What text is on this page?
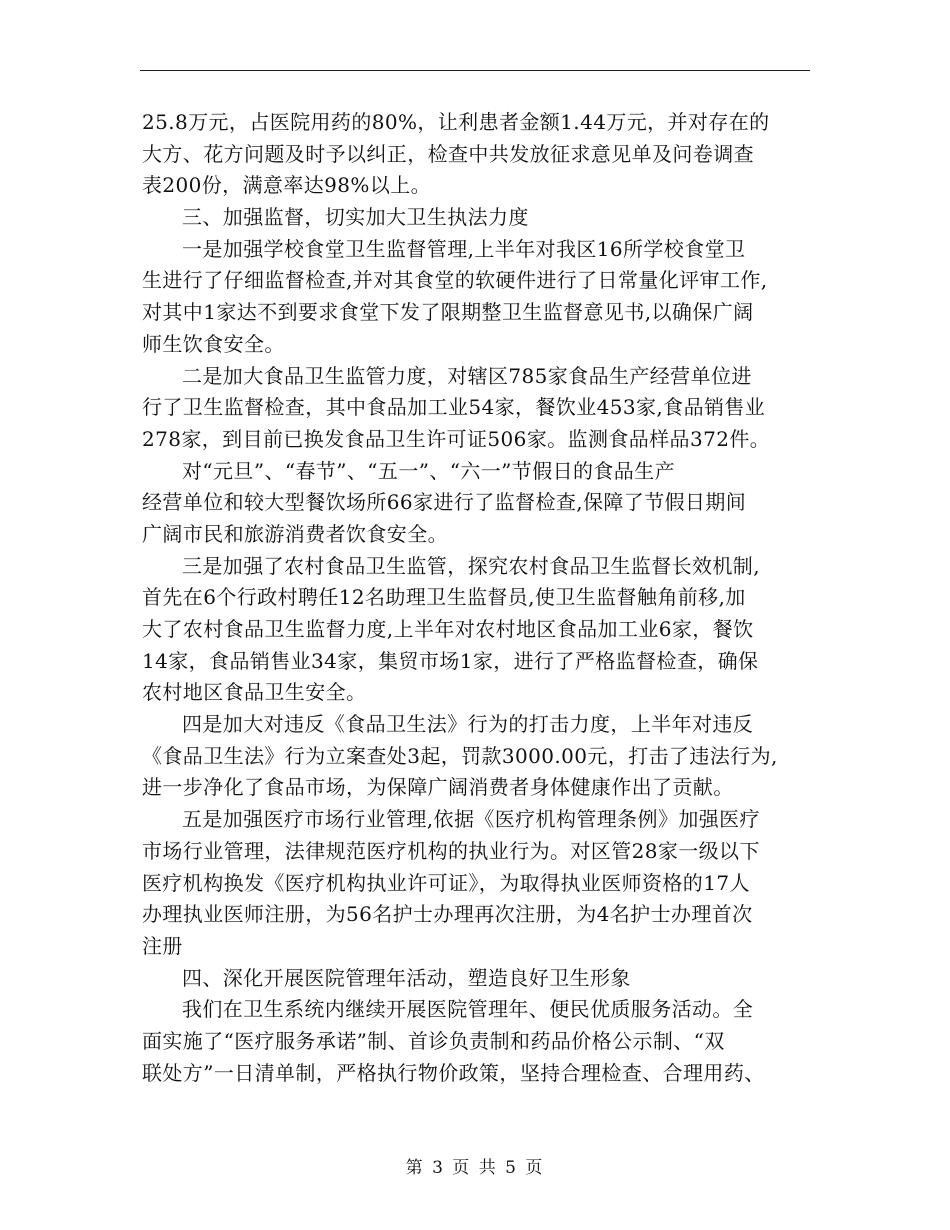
25.8万元，占医院用药的80%，让利患者金额1.44万元，并对存在的
大方、花方问题及时予以纠正，检查中共发放征求意见单及问卷调查
表200份，满意率达98%以上。
三、加强监督，切实加大卫生执法力度
一是加强学校食堂卫生监督管理,上半年对我区16所学校食堂卫
生进行了仔细监督检查,并对其食堂的软硬件进行了日常量化评审工作,
对其中1家达不到要求食堂下发了限期整卫生监督意见书,以确保广阔
师生饮食安全。
二是加大食品卫生监管力度，对辖区785家食品生产经营单位进
行了卫生监督检查，其中食品加工业54家，餐饮业453家,食品销售业
278家，到目前已换发食品卫生许可证506家。监测食品样品372件。
对“元旦”、“春节”、“五一”、“六一”节假日的食品生产
经营单位和较大型餐饮场所66家进行了监督检查,保障了节假日期间
广阔市民和旅游消费者饮食安全。
三是加强了农村食品卫生监管，探究农村食品卫生监督长效机制,
首先在6个行政村聘任12名助理卫生监督员,使卫生监督触角前移,加
大了农村食品卫生监督力度,上半年对农村地区食品加工业6家，餐饮
14家，食品销售业34家，集贸市场1家，进行了严格监督检查，确保
农村地区食品卫生安全。
四是加大对违反《食品卫生法》行为的打击力度，上半年对违反
《食品卫生法》行为立案查处3起，罚款3000.00元，打击了违法行为,
进一步净化了食品市场，为保障广阔消费者身体健康作出了贡献。
五是加强医疗市场行业管理,依据《医疗机构管理条例》加强医疗
市场行业管理，法律规范医疗机构的执业行为。对区管28家一级以下
医疗机构换发《医疗机构执业许可证》，为取得执业医师资格的17人
办理执业医师注册，为56名护士办理再次注册，为4名护士办理首次
注册
四、深化开展医院管理年活动，塑造良好卫生形象
我们在卫生系统内继续开展医院管理年、便民优质服务活动。全
面实施了“医疗服务承诺”制、首诊负责制和药品价格公示制、“双
联处方”一日清单制，严格执行物价政策，坚持合理检查、合理用药、
第 3 页 共 5 页
